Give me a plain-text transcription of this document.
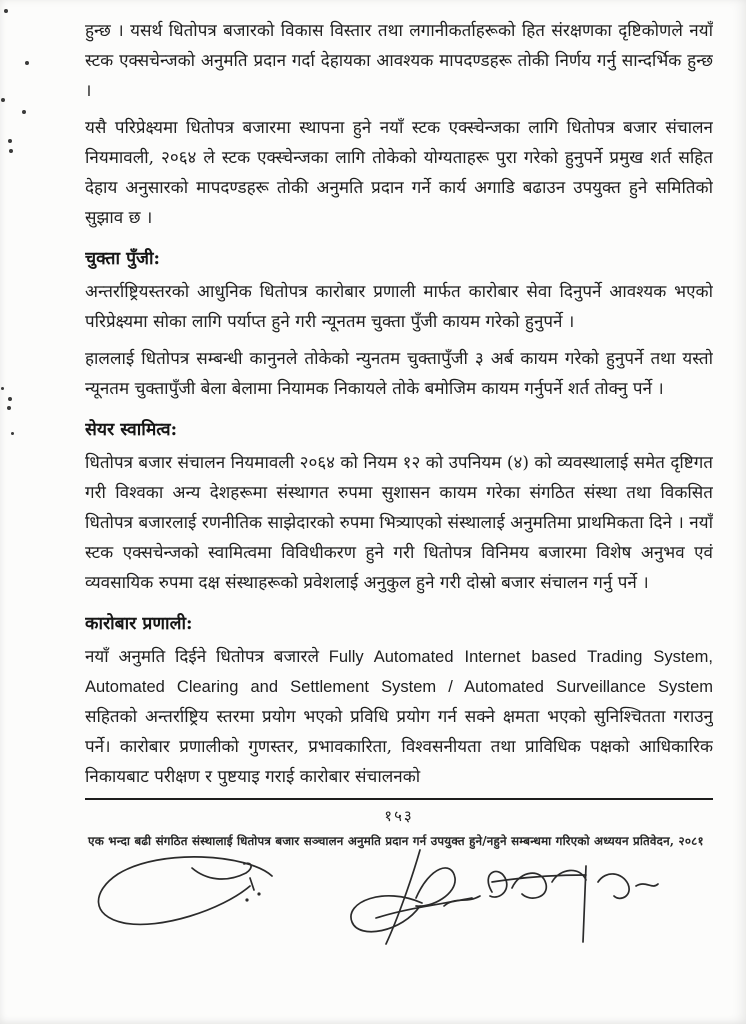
हुन्छ । यसर्थ धितोपत्र बजारको विकास विस्तार तथा लगानीकर्ताहरूको हित संरक्षणका दृष्टिकोणले नयाँ स्टक एक्सचेन्जको अनुमति प्रदान गर्दा देहायका आवश्यक मापदण्डहरू तोकी निर्णय गर्नु सान्दर्भिक हुन्छ ।

यसै परिप्रेक्ष्यमा धितोपत्र बजारमा स्थापना हुने नयाँ स्टक एक्स्चेन्जका लागि धितोपत्र बजार संचालन नियमावली, २०६४ ले स्टक एक्स्चेन्जका लागि तोकेको योग्यताहरू पुरा गरेको हुनुपर्ने प्रमुख शर्त सहित देहाय अनुसारको मापदण्डहरू तोकी अनुमति प्रदान गर्ने कार्य अगाडि बढाउन उपयुक्त हुने समितिको सुझाव छ ।

चुक्ता पुँजी:

अन्तर्राष्ट्रियस्तरको आधुनिक धितोपत्र कारोबार प्रणाली मार्फत कारोबार सेवा दिनुपर्ने आवश्यक भएको परिप्रेक्ष्यमा सोका लागि पर्याप्त हुने गरी न्यूनतम चुक्ता पुँजी कायम गरेको हुनुपर्ने ।

हाललाई धितोपत्र सम्बन्धी कानुनले तोकेको न्युनतम चुक्तापुँजी ३ अर्ब कायम गरेको हुनुपर्ने तथा यस्तो न्यूनतम चुक्तापुँजी बेला बेलामा नियामक निकायले तोके बमोजिम कायम गर्नुपर्ने शर्त तोक्नु पर्ने ।

सेयर स्वामित्व:

धितोपत्र बजार संचालन नियमावली २०६४ को नियम १२ को उपनियम (४) को व्यवस्थालाई समेत दृष्टिगत गरी विश्वका अन्य देशहरूमा संस्थागत रुपमा सुशासन कायम गरेका संगठित संस्था तथा विकसित धितोपत्र बजारलाई रणनीतिक साझेदारको रुपमा भित्र्याएको संस्थालाई अनुमतिमा प्राथमिकता दिने । नयाँ स्टक एक्सचेन्जको स्वामित्वमा विविधीकरण हुने गरी धितोपत्र विनिमय बजारमा विशेष अनुभव एवं व्यवसायिक रुपमा दक्ष संस्थाहरूको प्रवेशलाई अनुकुल हुने गरी दोस्रो बजार संचालन गर्नु पर्ने ।

कारोबार प्रणाली:

नयाँ अनुमति दिईने धितोपत्र बजारले Fully Automated Internet based Trading System, Automated Clearing and Settlement System / Automated Surveillance System सहितको अन्तर्राष्ट्रिय स्तरमा प्रयोग भएको प्रविधि प्रयोग गर्न सक्ने क्षमता भएको सुनिश्चितता गराउनु पर्ने। कारोबार प्रणालीको गुणस्तर, प्रभावकारिता, विश्वसनीयता तथा प्राविधिक पक्षको आधिकारिक निकायबाट परीक्षण र पुष्टयाइ गराई कारोबार संचालनको

१५३
एक भन्दा बढी संगठित संस्थालाई धितोपत्र बजार सञ्चालन अनुमति प्रदान गर्न उपयुक्त हुने/नहुने सम्बन्धमा गरिएको अध्ययन प्रतिवेदन, २०८१
